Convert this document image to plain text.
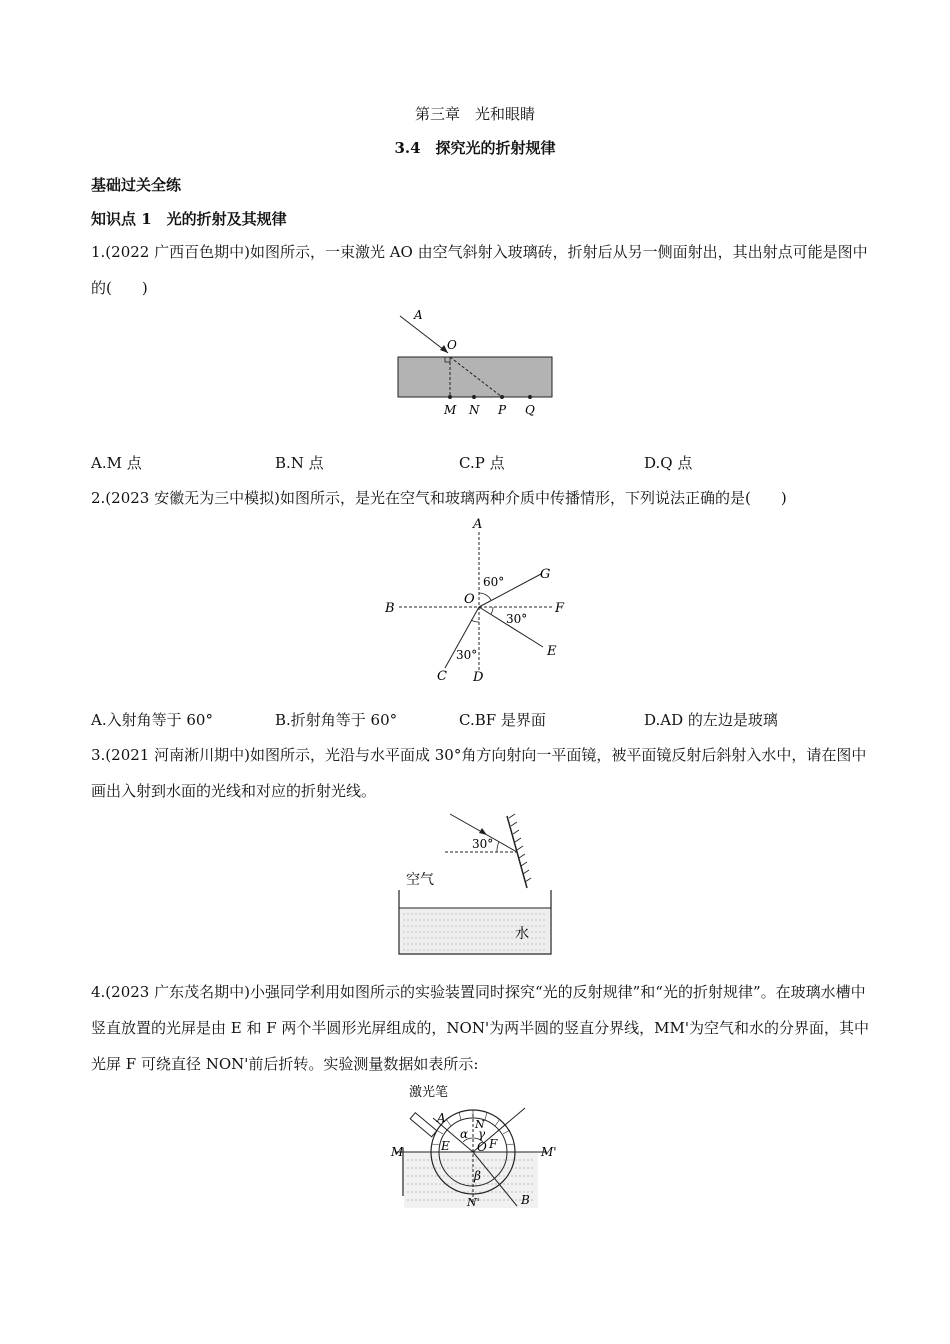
第三章　光和眼睛
3.4　探究光的折射规律
基础过关全练
知识点 1　光的折射及其规律
1.(2022 广西百色期中)如图所示，一束激光 AO 由空气斜射入玻璃砖，折射后从另一侧面射出，其出射点可能是图中的(　　)
A
O
M N P Q
A.M 点	B.N 点	C.P 点	D.Q 点
2.(2023 安徽无为三中模拟)如图所示，是光在空气和玻璃两种介质中传播情形，下列说法正确的是(　　)
A
G
B
O
F
E
C D
60°
30°
30°
A.入射角等于 60°	B.折射角等于 60°	C.BF 是界面	D.AD 的左边是玻璃
3.(2021 河南淅川期中)如图所示，光沿与水平面成 30°角方向射向一平面镜，被平面镜反射后斜射入水中，请在图中画出入射到水面的光线和对应的折射光线。
30°
空气
水
4.(2023 广东茂名期中)小强同学利用如图所示的实验装置同时探究“光的反射规律”和“光的折射规律”。在玻璃水槽中竖直放置的光屏是由 E 和 F 两个半圆形光屏组成的，NON'为两半圆的竖直分界线，MM'为空气和水的分界面，其中光屏 F 可绕直径 NON'前后折转。实验测量数据如表所示:
激光笔
A	N
α γ
O F
E
M	M'
β
N'	B
